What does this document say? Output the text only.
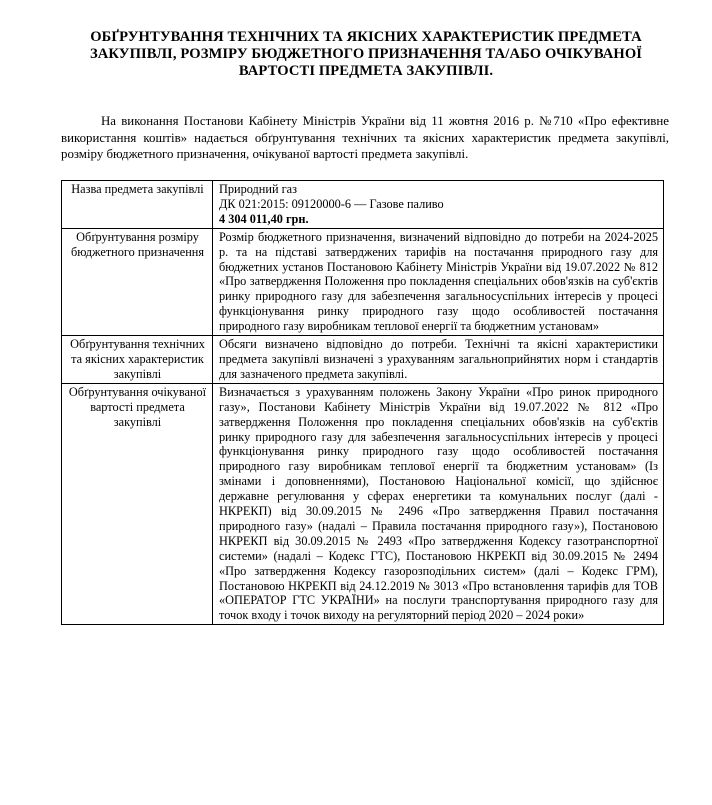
ОБҐРУНТУВАННЯ ТЕХНІЧНИХ ТА ЯКІСНИХ ХАРАКТЕРИСТИК ПРЕДМЕТА
ЗАКУПІВЛІ, РОЗМІРУ БЮДЖЕТНОГО ПРИЗНАЧЕННЯ ТА/АБО ОЧІКУВАНОЇ
ВАРТОСТІ ПРЕДМЕТА ЗАКУПІВЛІ.
На виконання Постанови Кабінету Міністрів України від 11 жовтня 2016 р. №710 «Про ефективне використання коштів» надається обґрунтування технічних та якісних характеристик предмета закупівлі, розміру бюджетного призначення, очікуваної вартості предмета закупівлі.
Назва предмета закупівлі	Природний газ
ДК 021:2015: 09120000-6 — Газове паливо
4 304 011,40 грн.

Обґрунтування розміру бюджетного призначення	Розмір бюджетного призначення, визначений відповідно до потреби на 2024-2025 р. та на підставі затверджених тарифів на постачання природного газу для бюджетних установ Постановою Кабінету Міністрів України від 19.07.2022 № 812 «Про затвердження Положення про покладення спеціальних обов'язків на суб'єктів ринку природного газу для забезпечення загальносуспільних інтересів у процесі функціонування ринку природного газу щодо особливостей постачання природного газу виробникам теплової енергії та бюджетним установам»
Обґрунтування технічних та якісних характеристик закупівлі	Обсяги визначено відповідно до потреби. Технічні та якісні характеристики предмета закупівлі визначені з урахуванням загальноприйнятих норм і стандартів для зазначеного предмета закупівлі.
Обґрунтування очікуваної вартості предмета закупівлі	Визначається з урахуванням положень Закону України «Про ринок природного газу», Постанови Кабінету Міністрів України від 19.07.2022 № 812 «Про затвердження Положення про покладення спеціальних обов'язків на суб'єктів ринку природного газу для забезпечення загальносуспільних інтересів у процесі функціонування ринку природного газу щодо особливостей постачання природного газу виробникам теплової енергії та бюджетним установам» (Із змінами і доповненнями), Постановою Національної комісії, що здійснює державне регулювання у сферах енергетики та комунальних послуг (далі - НКРЕКП) від 30.09.2015 № 2496 «Про затвердження Правил постачання природного газу» (надалі – Правила постачання природного газу»), Постановою НКРЕКП від 30.09.2015 № 2493 «Про затвердження Кодексу газотранспортної системи» (надалі – Кодекс ГТС), Постановою НКРЕКП від 30.09.2015 № 2494 «Про затвердження Кодексу газорозподільних систем» (далі – Кодекс ГРМ), Постановою НКРЕКП від 24.12.2019 № 3013 «Про встановлення тарифів для ТОВ «ОПЕРАТОР ГТС УКРАЇНИ» на послуги транспортування природного газу для точок входу і точок виходу на регуляторний період 2020 – 2024 роки»
